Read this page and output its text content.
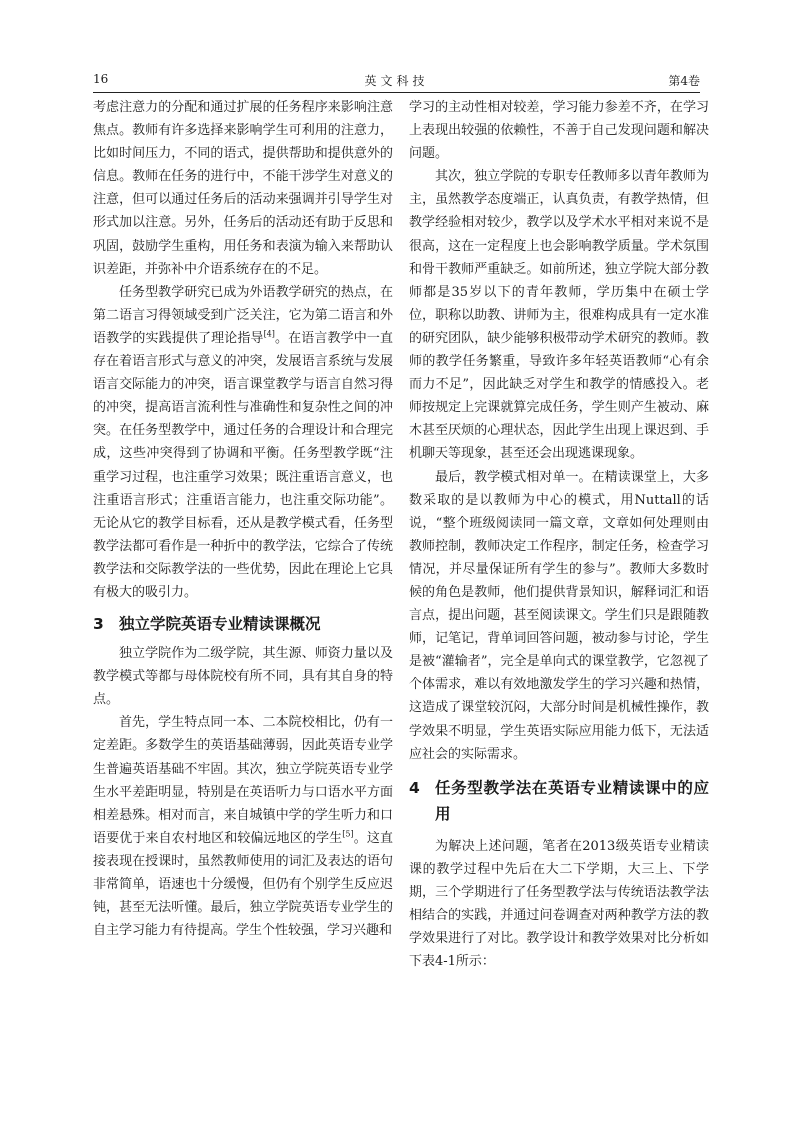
16	英文科技	第4卷

考虑注意力的分配和通过扩展的任务程序来影响注意焦点。教师有许多选择来影响学生可利用的注意力，比如时间压力，不同的语式，提供帮助和提供意外的信息。教师在任务的进行中，不能干涉学生对意义的注意，但可以通过任务后的活动来强调并引导学生对形式加以注意。另外，任务后的活动还有助于反思和巩固，鼓励学生重构，用任务和表演为输入来帮助认识差距，并弥补中介语系统存在的不足。

任务型教学研究已成为外语教学研究的热点，在第二语言习得领域受到广泛关注，它为第二语言和外语教学的实践提供了理论指导[4]。在语言教学中一直存在着语言形式与意义的冲突，发展语言系统与发展语言交际能力的冲突，语言课堂教学与语言自然习得的冲突，提高语言流利性与准确性和复杂性之间的冲突。在任务型教学中，通过任务的合理设计和合理完成，这些冲突得到了协调和平衡。任务型教学既“注重学习过程，也注重学习效果；既注重语言意义，也注重语言形式；注重语言能力，也注重交际功能”。无论从它的教学目标看，还从是教学模式看，任务型教学法都可看作是一种折中的教学法，它综合了传统教学法和交际教学法的一些优势，因此在理论上它具有极大的吸引力。

3 独立学院英语专业精读课概况

独立学院作为二级学院，其生源、师资力量以及教学模式等都与母体院校有所不同，具有其自身的特点。

首先，学生特点同一本、二本院校相比，仍有一定差距。多数学生的英语基础薄弱，因此英语专业学生普遍英语基础不牢固。其次，独立学院英语专业学生水平差距明显，特别是在英语听力与口语水平方面相差悬殊。相对而言，来自城镇中学的学生听力和口语要优于来自农村地区和较偏远地区的学生[5]。这直接表现在授课时，虽然教师使用的词汇及表达的语句非常简单，语速也十分缓慢，但仍有个别学生反应迟钝，甚至无法听懂。最后，独立学院英语专业学生的自主学习能力有待提高。学生个性较强，学习兴趣和

学习的主动性相对较差，学习能力参差不齐，在学习上表现出较强的依赖性，不善于自己发现问题和解决问题。

其次，独立学院的专职专任教师多以青年教师为主，虽然教学态度端正，认真负责，有教学热情，但教学经验相对较少，教学以及学术水平相对来说不是很高，这在一定程度上也会影响教学质量。学术氛围和骨干教师严重缺乏。如前所述，独立学院大部分教师都是35岁以下的青年教师，学历集中在硕士学位，职称以助教、讲师为主，很难构成具有一定水准的研究团队，缺少能够积极带动学术研究的教师。教师的教学任务繁重，导致许多年轻英语教师“心有余而力不足”，因此缺乏对学生和教学的情感投入。老师按规定上完课就算完成任务，学生则产生被动、麻木甚至厌烦的心理状态，因此学生出现上课迟到、手机聊天等现象，甚至还会出现逃课现象。

最后，教学模式相对单一。在精读课堂上，大多数采取的是以教师为中心的模式，用Nuttall的话说，“整个班级阅读同一篇文章，文章如何处理则由教师控制，教师决定工作程序，制定任务，检查学习情况，并尽量保证所有学生的参与”。教师大多数时候的角色是教师，他们提供背景知识，解释词汇和语言点，提出问题，甚至阅读课文。学生们只是跟随教师，记笔记，背单词回答问题，被动参与讨论，学生是被“灌输者”，完全是单向式的课堂教学，它忽视了个体需求，难以有效地激发学生的学习兴趣和热情，这造成了课堂较沉闷，大部分时间是机械性操作，教学效果不明显，学生英语实际应用能力低下，无法适应社会的实际需求。

4 任务型教学法在英语专业精读课中的应用

为解决上述问题，笔者在2013级英语专业精读课的教学过程中先后在大二下学期，大三上、下学期，三个学期进行了任务型教学法与传统语法教学法相结合的实践，并通过问卷调查对两种教学方法的教学效果进行了对比。教学设计和教学效果对比分析如下表4-1所示：
